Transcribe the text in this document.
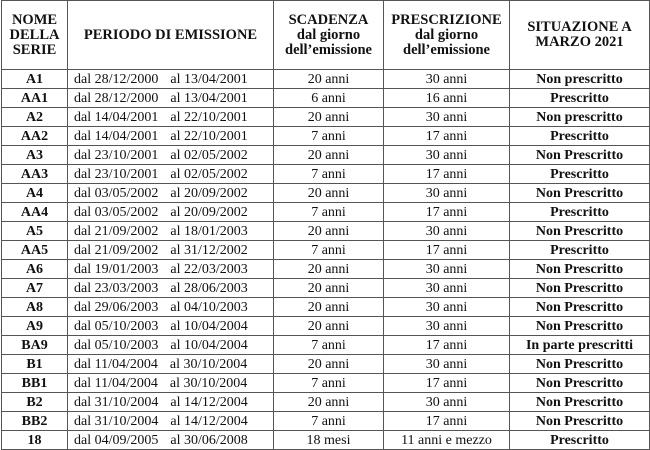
NOME
DELLA
SERIE	PERIODO DI EMISSIONE	SCADENZA
dal giorno
dell’emissione	PRESCRIZIONE
dal giorno
dell’emissione	SITUAZIONE A
MARZO 2021

A1	dal 28/12/2000 al 13/04/2001	20 anni	30 anni	Non prescritto
AA1	dal 28/12/2000 al 13/04/2001	6 anni	16 anni	Prescritto
A2	dal 14/04/2001 al 22/10/2001	20 anni	30 anni	Non prescritto
AA2	dal 14/04/2001 al 22/10/2001	7 anni	17 anni	Prescritto
A3	dal 23/10/2001 al 02/05/2002	20 anni	30 anni	Non Prescritto
AA3	dal 23/10/2001 al 02/05/2002	7 anni	17 anni	Prescritto
A4	dal 03/05/2002 al 20/09/2002	20 anni	30 anni	Non Prescritto
AA4	dal 03/05/2002 al 20/09/2002	7 anni	17 anni	Prescritto
A5	dal 21/09/2002 al 18/01/2003	20 anni	30 anni	Non Prescritto
AA5	dal 21/09/2002 al 31/12/2002	7 anni	17 anni	Prescritto
A6	dal 19/01/2003 al 22/03/2003	20 anni	30 anni	Non Prescritto
A7	dal 23/03/2003 al 28/06/2003	20 anni	30 anni	Non Prescritto
A8	dal 29/06/2003 al 04/10/2003	20 anni	30 anni	Non Prescritto
A9	dal 05/10/2003 al 10/04/2004	20 anni	30 anni	Non Prescritto
BA9	dal 05/10/2003 al 10/04/2004	7 anni	17 anni	In parte prescritti
B1	dal 11/04/2004 al 30/10/2004	20 anni	30 anni	Non Prescritto
BB1	dal 11/04/2004 al 30/10/2004	7 anni	17 anni	Non Prescritto
B2	dal 31/10/2004 al 14/12/2004	20 anni	30 anni	Non Prescritto
BB2	dal 31/10/2004 al 14/12/2004	7 anni	17 anni	Non Prescritto
18	dal 04/09/2005 al 30/06/2008	18 mesi	11 anni e mezzo	Prescritto
